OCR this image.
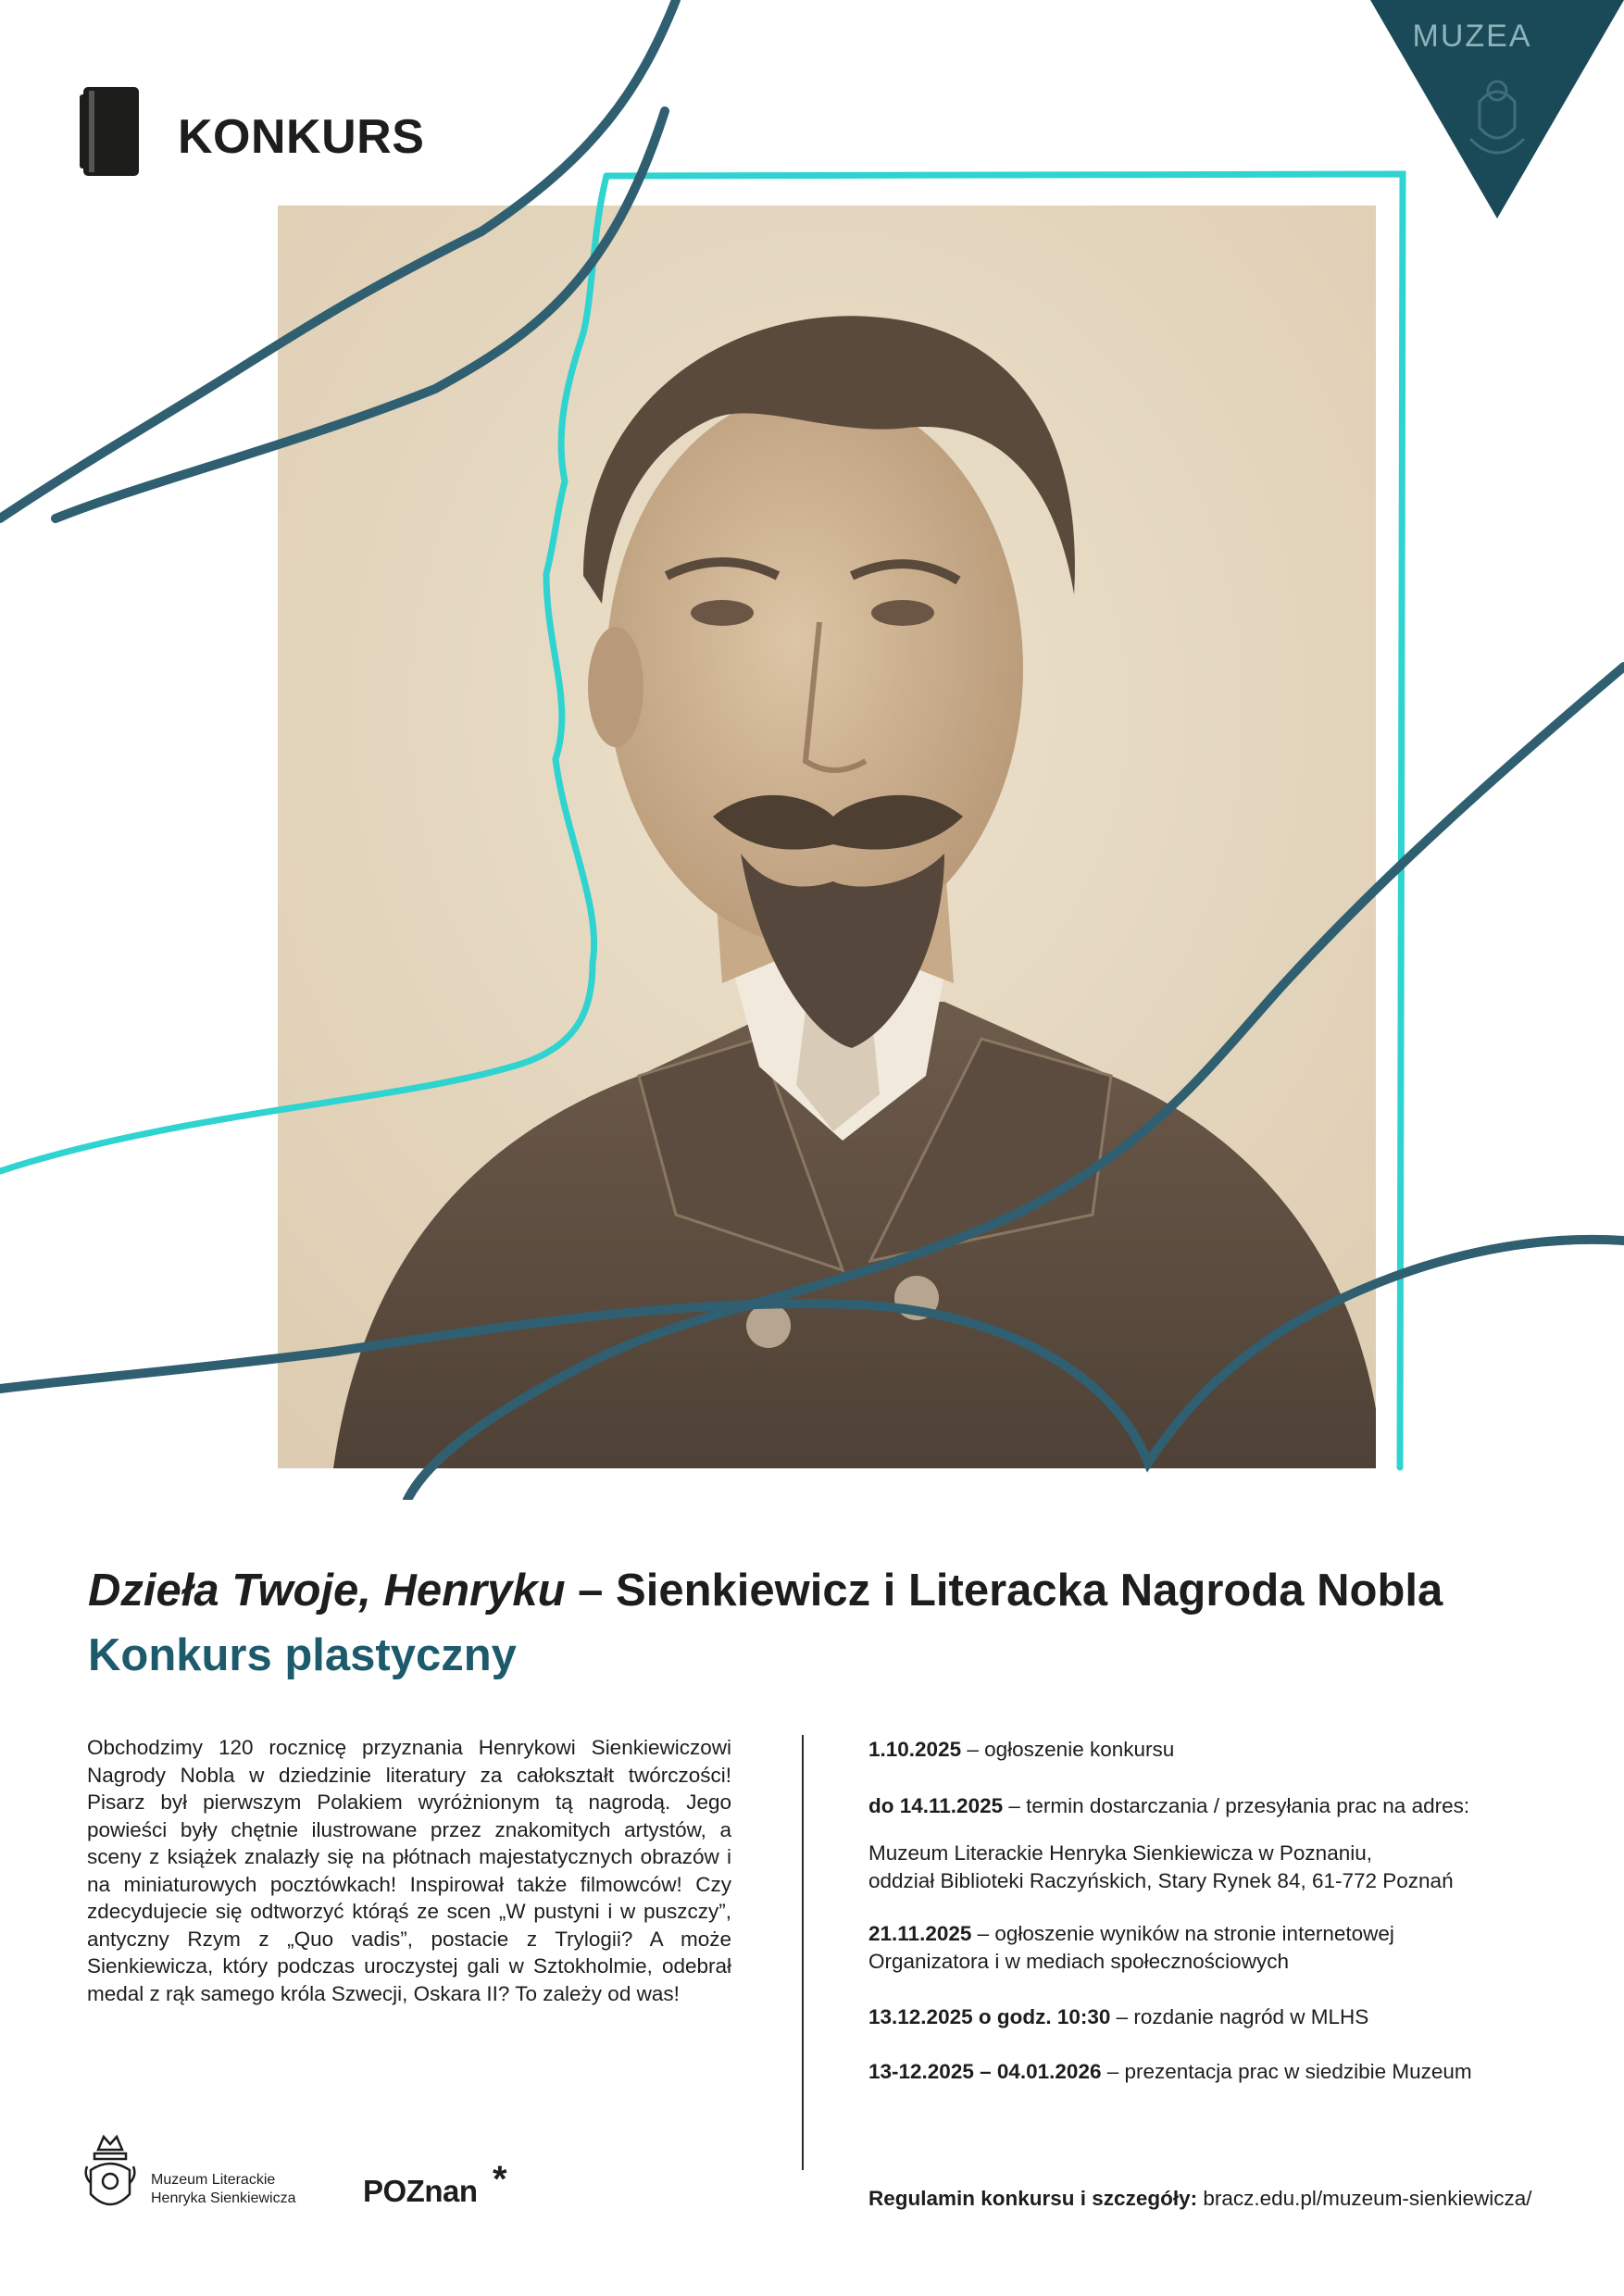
KONKURS
MUZEA
Dzieła Twoje, Henryku – Sienkiewicz i Literacka Nagroda Nobla
Konkurs plastyczny

Obchodzimy 120 rocznicę przyznania Henrykowi Sienkiewiczowi Nagrody Nobla w dziedzinie literatury za całokształt twórczości! Pisarz był pierwszym Polakiem wyróżnionym tą nagrodą. Jego powieści były chętnie ilustrowane przez znakomitych artystów, a sceny z książek znalazły się na płótnach majestatycznych obrazów i na miniaturowych pocztówkach! Inspirował także filmowców! Czy zdecydujecie się odtworzyć którąś ze scen „W pustyni i w puszczy”, antyczny Rzym z „Quo vadis”, postacie z Trylogii? A może Sienkiewicza, który podczas uroczystej gali w Sztokholmie, odebrał medal z rąk samego króla Szwecji, Oskara II? To zależy od was!

1.10.2025 – ogłoszenie konkursu

do 14.11.2025 – termin dostarczania / przesyłania prac na adres:

Muzeum Literackie Henryka Sienkiewicza w Poznaniu,
oddział Biblioteki Raczyńskich, Stary Rynek 84, 61-772 Poznań

21.11.2025 – ogłoszenie wyników na stronie internetowej
Organizatora i w mediach społecznościowych

13.12.2025 o godz. 10:30 – rozdanie nagród w MLHS

13-12.2025 – 04.01.2026 – prezentacja prac w siedzibie Muzeum

Muzeum Literackie
Henryka Sienkiewicza POZnan *	Regulamin konkursu i szczegóły: bracz.edu.pl/muzeum-sienkiewicza/
